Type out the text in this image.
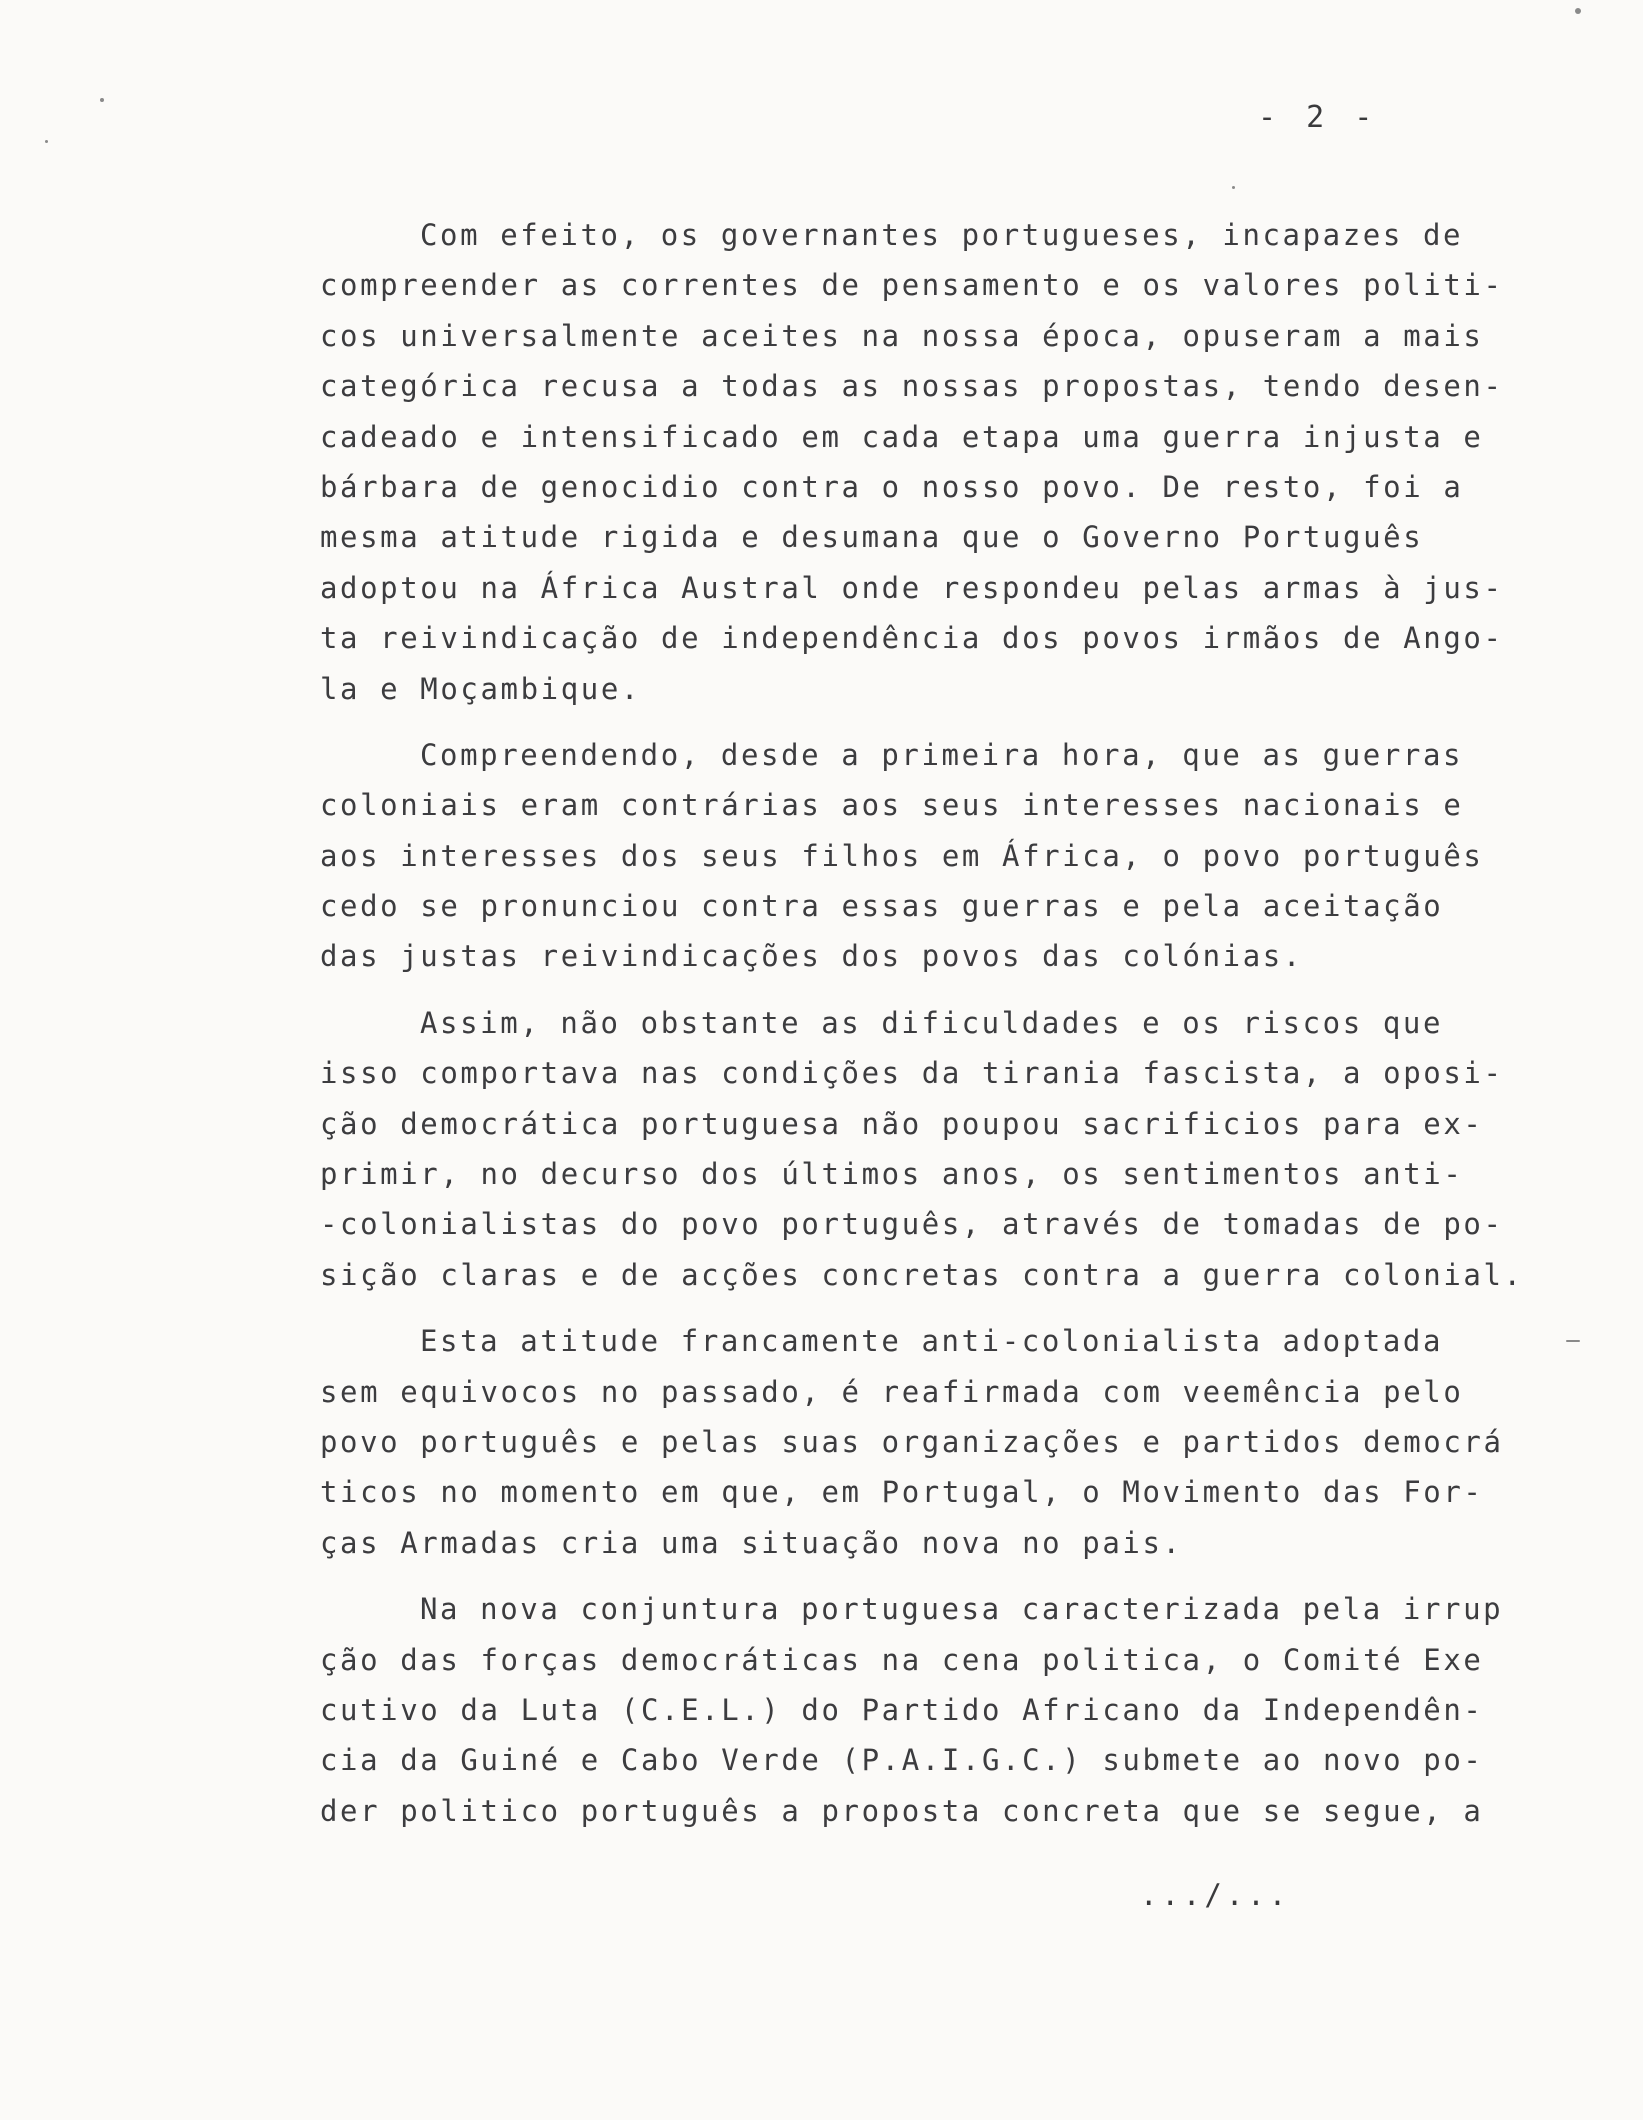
- 2 -
Com efeito, os governantes portugueses, incapazes de
compreender as correntes de pensamento e os valores politi-
cos universalmente aceites na nossa época, opuseram a mais
categórica recusa a todas as nossas propostas, tendo desen-
cadeado e intensificado em cada etapa uma guerra injusta e
bárbara de genocidio contra o nosso povo. De resto, foi a
mesma atitude rigida e desumana que o Governo Português
adoptou na África Austral onde respondeu pelas armas à jus-
ta reivindicação de independência dos povos irmãos de Ango-
la e Moçambique.
Compreendendo, desde a primeira hora, que as guerras
coloniais eram contrárias aos seus interesses nacionais e
aos interesses dos seus filhos em África, o povo português
cedo se pronunciou contra essas guerras e pela aceitação
das justas reivindicações dos povos das colónias.
Assim, não obstante as dificuldades e os riscos que
isso comportava nas condições da tirania fascista, a oposi-
ção democrática portuguesa não poupou sacrificios para ex-
primir, no decurso dos últimos anos, os sentimentos anti-
-colonialistas do povo português, através de tomadas de po-
sição claras e de acções concretas contra a guerra colonial.
Esta atitude francamente anti-colonialista adoptada
sem equivocos no passado, é reafirmada com veemência pelo
povo português e pelas suas organizações e partidos democrá
ticos no momento em que, em Portugal, o Movimento das For-
ças Armadas cria uma situação nova no pais.
Na nova conjuntura portuguesa caracterizada pela irrup
ção das forças democráticas na cena politica, o Comité Exe
cutivo da Luta (C.E.L.) do Partido Africano da Independên-
cia da Guiné e Cabo Verde (P.A.I.G.C.) submete ao novo po-
der politico português a proposta concreta que se segue, a
.../...
